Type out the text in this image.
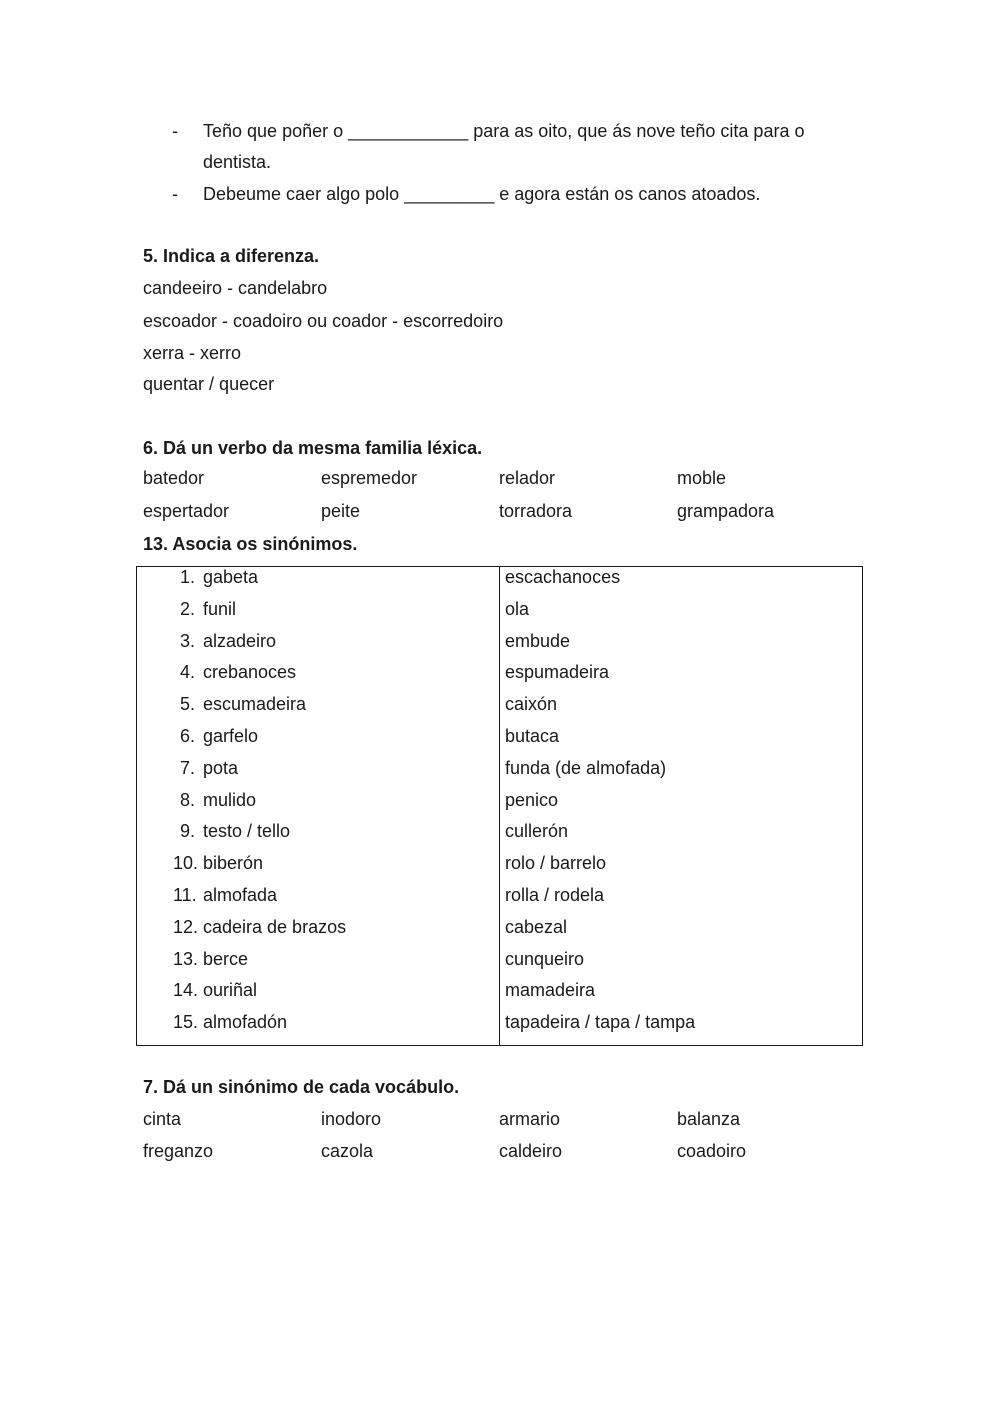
- Teño que poñer o ____________ para as oito, que ás nove teño cita para o dentista.
- Debeume caer algo polo _________ e agora están os canos atoados.
5. Indica a diferenza.
candeeiro - candelabro
escoador - coadoiro ou coador - escorredoiro
xerra - xerro
quentar / quecer
6. Dá un verbo da mesma familia léxica.
batedor	espremedor	relador	moble
espertador	peite	torradora	grampadora
13. Asocia os sinónimos.
1. gabeta	escachanoces
2. funil	ola
3. alzadeiro	embude
4. crebanoces	espumadeira
5. escumadeira	caixón
6. garfelo	butaca
7. pota	funda (de almofada)
8. mulido	penico
9. testo / tello	cullerón
10. biberón	rolo / barrelo
11. almofada	rolla / rodela
12. cadeira de brazos	cabezal
13. berce	cunqueiro
14. ouriñal	mamadeira
15. almofadón	tapadeira / tapa / tampa
7. Dá un sinónimo de cada vocábulo.
cinta	inodoro	armario	balanza
freganzo	cazola	caldeiro	coadoiro
